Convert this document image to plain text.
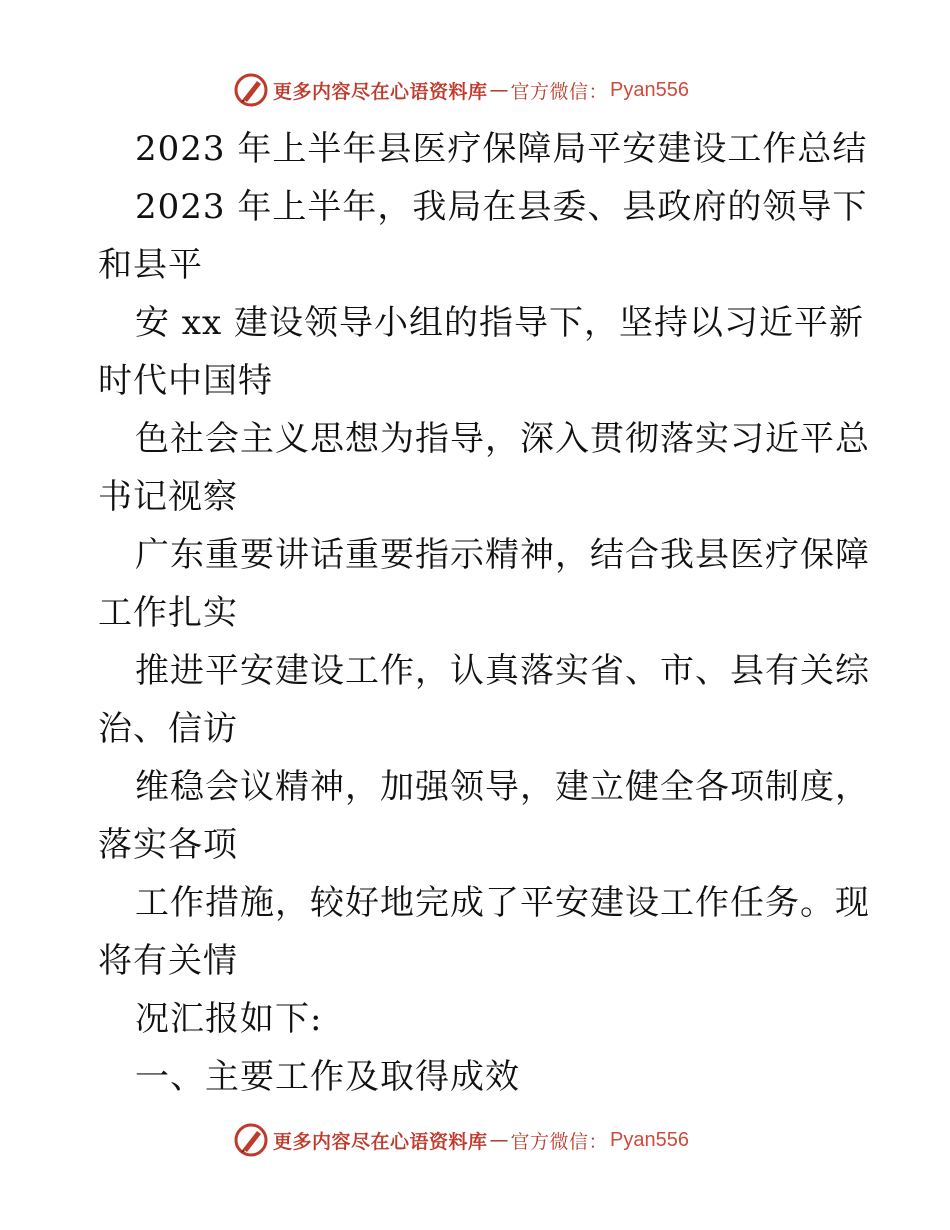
更多内容尽在心语资料库 — 官方微信： Pyan556
2023 年上半年县医疗保障局平安建设工作总结
2023 年上半年，我局在县委、县政府的领导下
和县平
安 xx 建设领导小组的指导下，坚持以习近平新
时代中国特
色社会主义思想为指导，深入贯彻落实习近平总
书记视察
广东重要讲话重要指示精神，结合我县医疗保障
工作扎实
推进平安建设工作，认真落实省、市、县有关综
治、信访
维稳会议精神，加强领导，建立健全各项制度，
落实各项
工作措施，较好地完成了平安建设工作任务。现
将有关情
况汇报如下:
一、主要工作及取得成效
更多内容尽在心语资料库 — 官方微信： Pyan556
